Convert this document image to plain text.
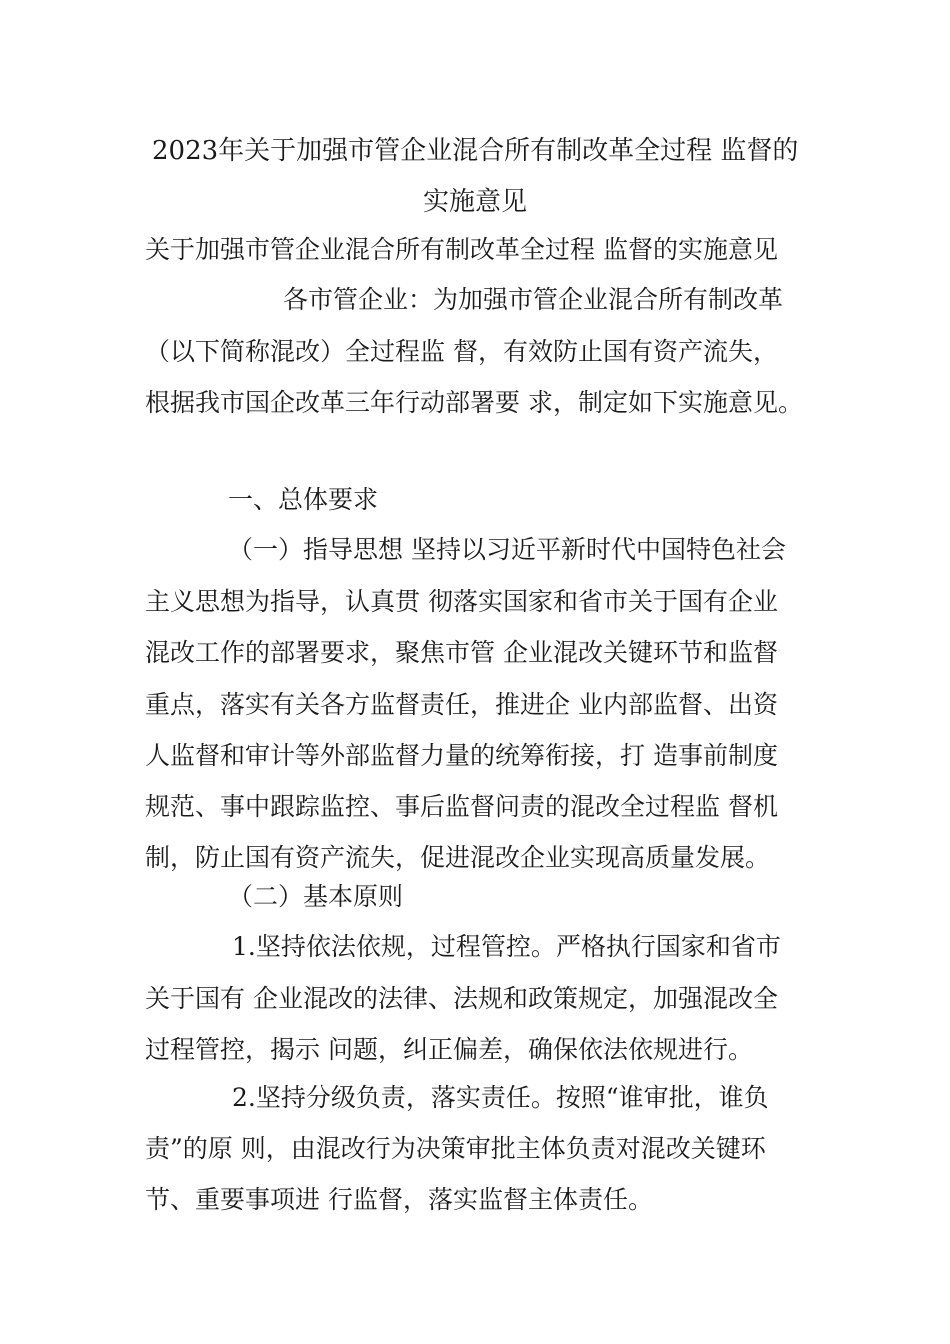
2023年关于加强市管企业混合所有制改革全过程 监督的
实施意见
关于加强市管企业混合所有制改革全过程 监督的实施意见
各市管企业：为加强市管企业混合所有制改革
（以下简称混改）全过程监 督，有效防止国有资产流失，
根据我市国企改革三年行动部署要 求，制定如下实施意见。
一、总体要求
（一）指导思想 坚持以习近平新时代中国特色社会
主义思想为指导，认真贯 彻落实国家和省市关于国有企业
混改工作的部署要求，聚焦市管 企业混改关键环节和监督
重点，落实有关各方监督责任，推进企 业内部监督、出资
人监督和审计等外部监督力量的统筹衔接，打 造事前制度
规范、事中跟踪监控、事后监督问责的混改全过程监 督机
制，防止国有资产流失，促进混改企业实现高质量发展。
（二）基本原则
1.坚持依法依规，过程管控。严格执行国家和省市
关于国有 企业混改的法律、法规和政策规定，加强混改全
过程管控，揭示 问题，纠正偏差，确保依法依规进行。
2.坚持分级负责，落实责任。按照“谁审批，谁负
责”的原 则，由混改行为决策审批主体负责对混改关键环
节、重要事项进 行监督，落实监督主体责任。
